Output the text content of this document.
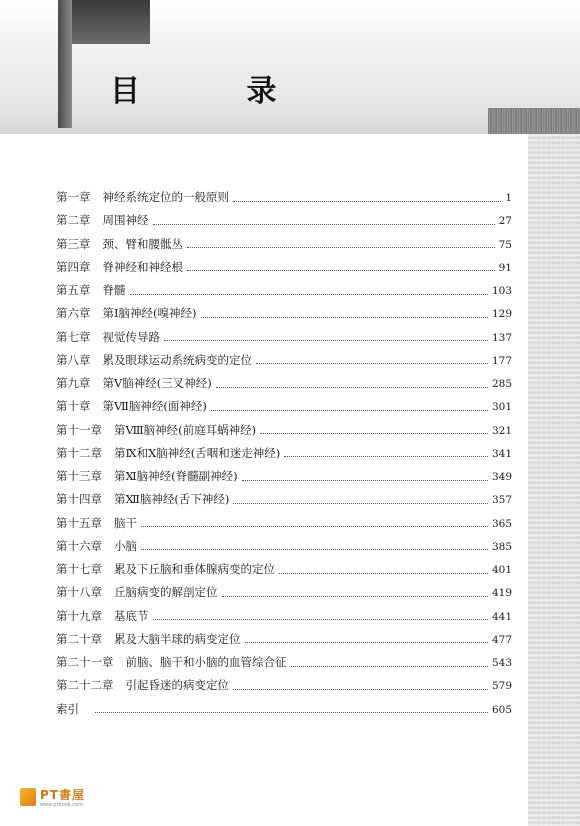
目 录
第一章 神经系统定位的一般原则	1
第二章 周围神经	27
第三章 颈、臂和腰骶丛	75
第四章 脊神经和神经根	91
第五章 脊髓	103
第六章 第Ⅰ脑神经(嗅神经)	129
第七章 视觉传导路	137
第八章 累及眼球运动系统病变的定位	177
第九章 第Ⅴ脑神经(三叉神经)	285
第十章 第Ⅶ脑神经(面神经)	301
第十一章 第Ⅷ脑神经(前庭耳蜗神经)	321
第十二章 第Ⅸ和Ⅹ脑神经(舌咽和迷走神经)	341
第十三章 第Ⅺ脑神经(脊髓副神经)	349
第十四章 第Ⅻ脑神经(舌下神经)	357
第十五章 脑干	365
第十六章 小脑	385
第十七章 累及下丘脑和垂体腺病变的定位	401
第十八章 丘脑病变的解剖定位	419
第十九章 基底节	441
第二十章 累及大脑半球的病变定位	477
第二十一章 前脑、脑干和小脑的血管综合征	543
第二十二章 引起昏迷的病变定位	579
索引	605
PT書屋
www.ptbook.com
